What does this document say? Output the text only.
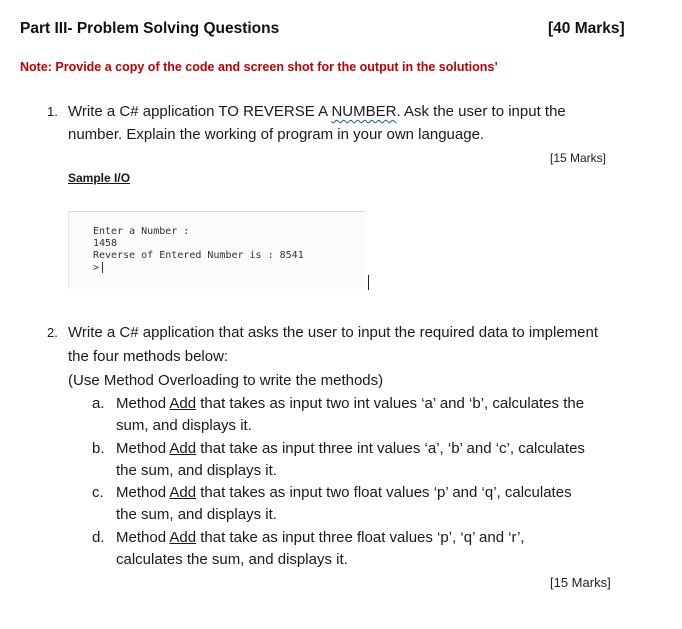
Part III- Problem Solving Questions	[40 Marks]
Note: Provide a copy of the code and screen shot for the output in the solutions’
1. Write a C# application TO REVERSE A NUMBER. Ask the user to input the
number. Explain the working of program in your own language.
[15 Marks]
Sample I/O
Enter a Number :
1458
Reverse of Entered Number is : 8541
>
2. Write a C# application that asks the user to input the required data to implement
the four methods below:
(Use Method Overloading to write the methods)
a. Method Add that takes as input two int values ‘a’ and ‘b’, calculates the
sum, and displays it.
b. Method Add that take as input three int values ‘a’, ‘b’ and ‘c’, calculates
the sum, and displays it.
c. Method Add that takes as input two float values ‘p’ and ‘q’, calculates
the sum, and displays it.
d. Method Add that take as input three float values ‘p’, ‘q’ and ‘r’,
calculates the sum, and displays it.
[15 Marks]
